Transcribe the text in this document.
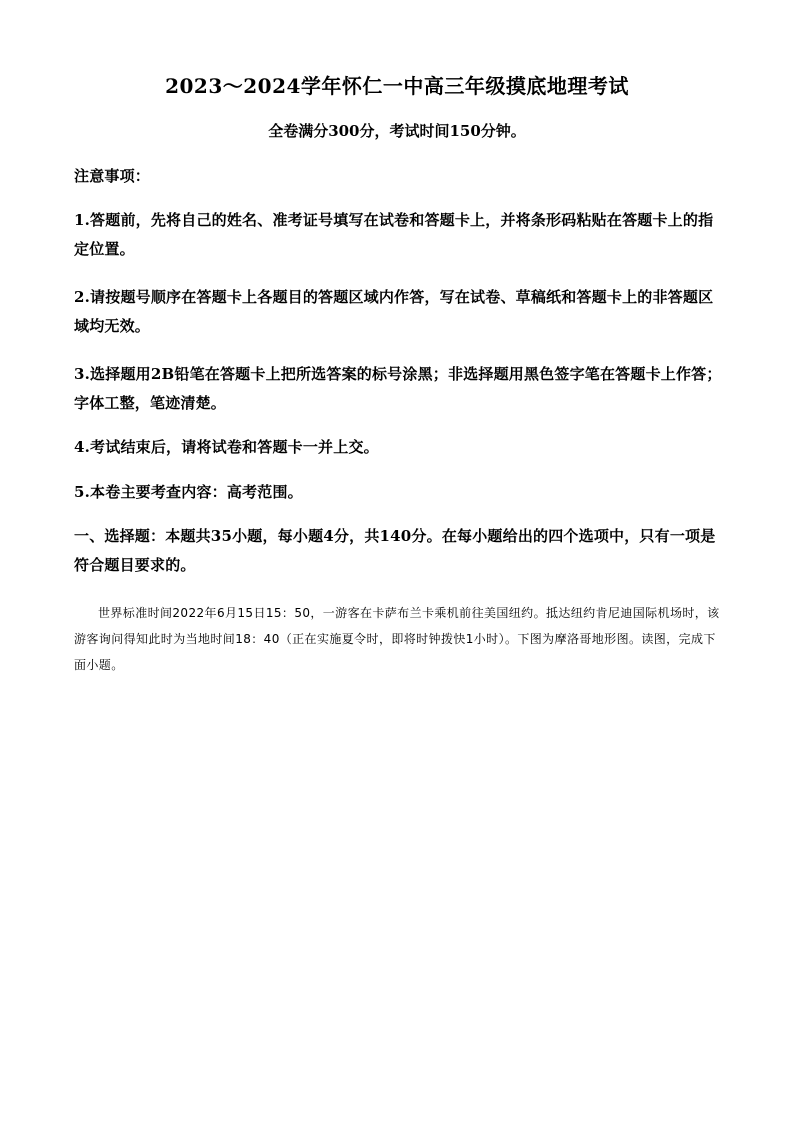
2023～2024学年怀仁一中高三年级摸底地理考试
全卷满分300分，考试时间150分钟。
注意事项：
1.答题前，先将自己的姓名、准考证号填写在试卷和答题卡上，并将条形码粘贴在答题卡上的指定位置。
2.请按题号顺序在答题卡上各题目的答题区域内作答，写在试卷、草稿纸和答题卡上的非答题区域均无效。
3.选择题用2B铅笔在答题卡上把所选答案的标号涂黑；非选择题用黑色签字笔在答题卡上作答；字体工整，笔迹清楚。
4.考试结束后，请将试卷和答题卡一并上交。
5.本卷主要考查内容：高考范围。
一、选择题：本题共35小题，每小题4分，共140分。在每小题给出的四个选项中，只有一项是符合题目要求的。
世界标准时间2022年6月15日15：50，一游客在卡萨布兰卡乘机前往美国纽约。抵达纽约肯尼迪国际机场时，该游客询问得知此时为当地时间18：40（正在实施夏令时，即将时钟拨快1小时）。下图为摩洛哥地形图。读图，完成下面小题。
